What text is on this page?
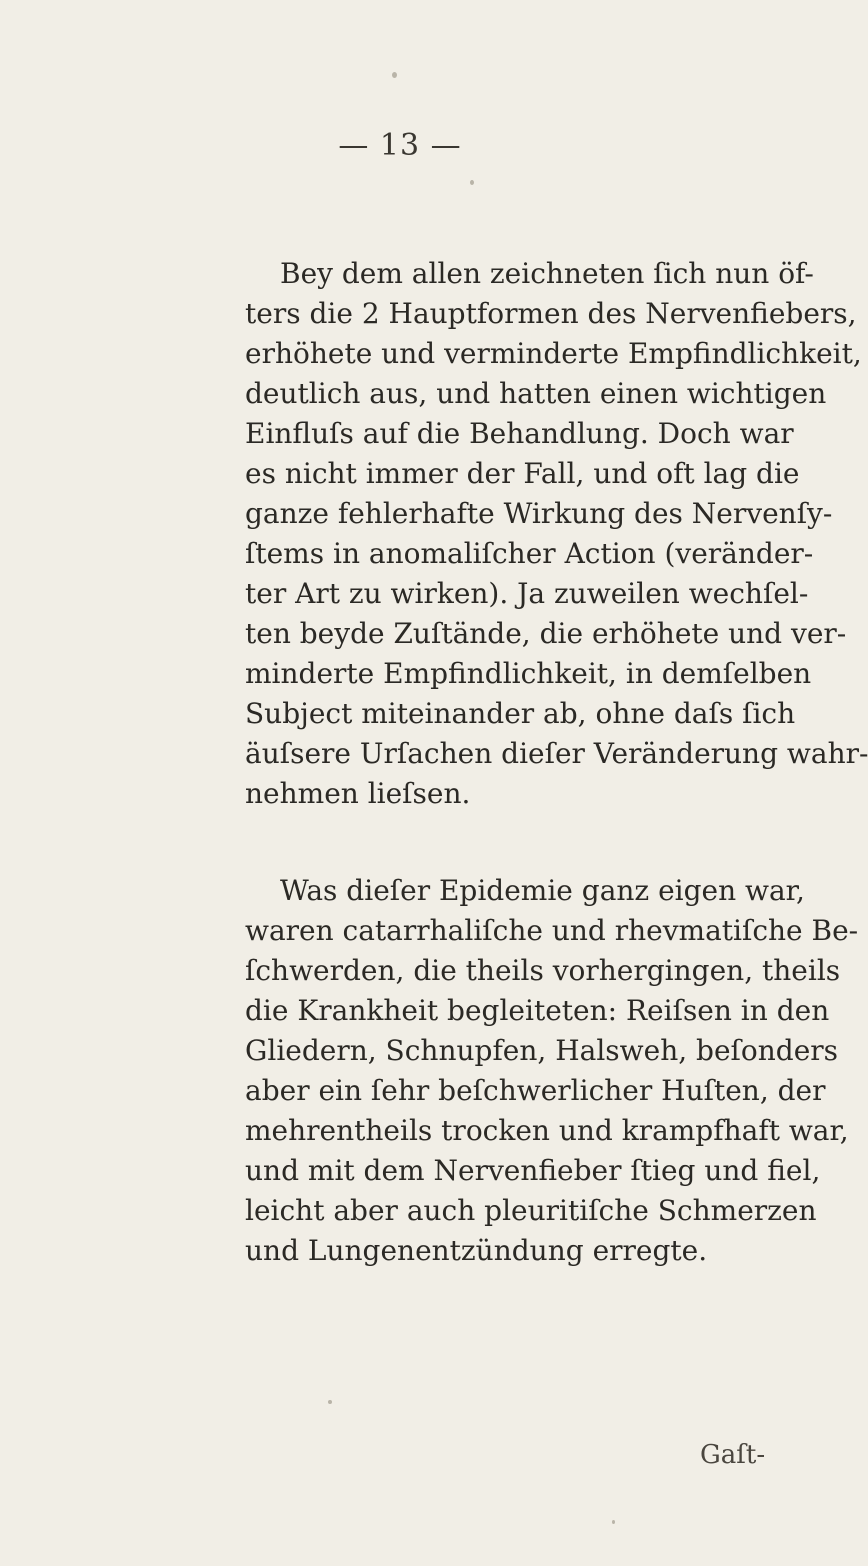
— 13 —
Bey dem allen zeichneten ſich nun öf-
ters die 2 Hauptformen des Nervenfiebers,
erhöhete und verminderte Empfindlichkeit,
deutlich aus, und hatten einen wichtigen
Einfluſs auf die Behandlung. Doch war
es nicht immer der Fall, und oft lag die
ganze fehlerhafte Wirkung des Nervenſy-
ſtems in anomaliſcher Action (veränder-
ter Art zu wirken). Ja zuweilen wechſel-
ten beyde Zuſtände, die erhöhete und ver-
minderte Empfindlichkeit, in demſelben
Subject miteinander ab, ohne daſs ſich
äuſsere Urſachen dieſer Veränderung wahr-
nehmen lieſsen.
Was dieſer Epidemie ganz eigen war,
waren catarrhaliſche und rhevmatiſche Be-
ſchwerden, die theils vorhergingen, theils
die Krankheit begleiteten: Reiſsen in den
Gliedern, Schnupfen, Halsweh, beſonders
aber ein ſehr beſchwerlicher Huſten, der
mehrentheils trocken und krampfhaft war,
und mit dem Nervenfieber ſtieg und fiel,
leicht aber auch pleuritiſche Schmerzen
und Lungenentzündung erregte.
Gaſt-
